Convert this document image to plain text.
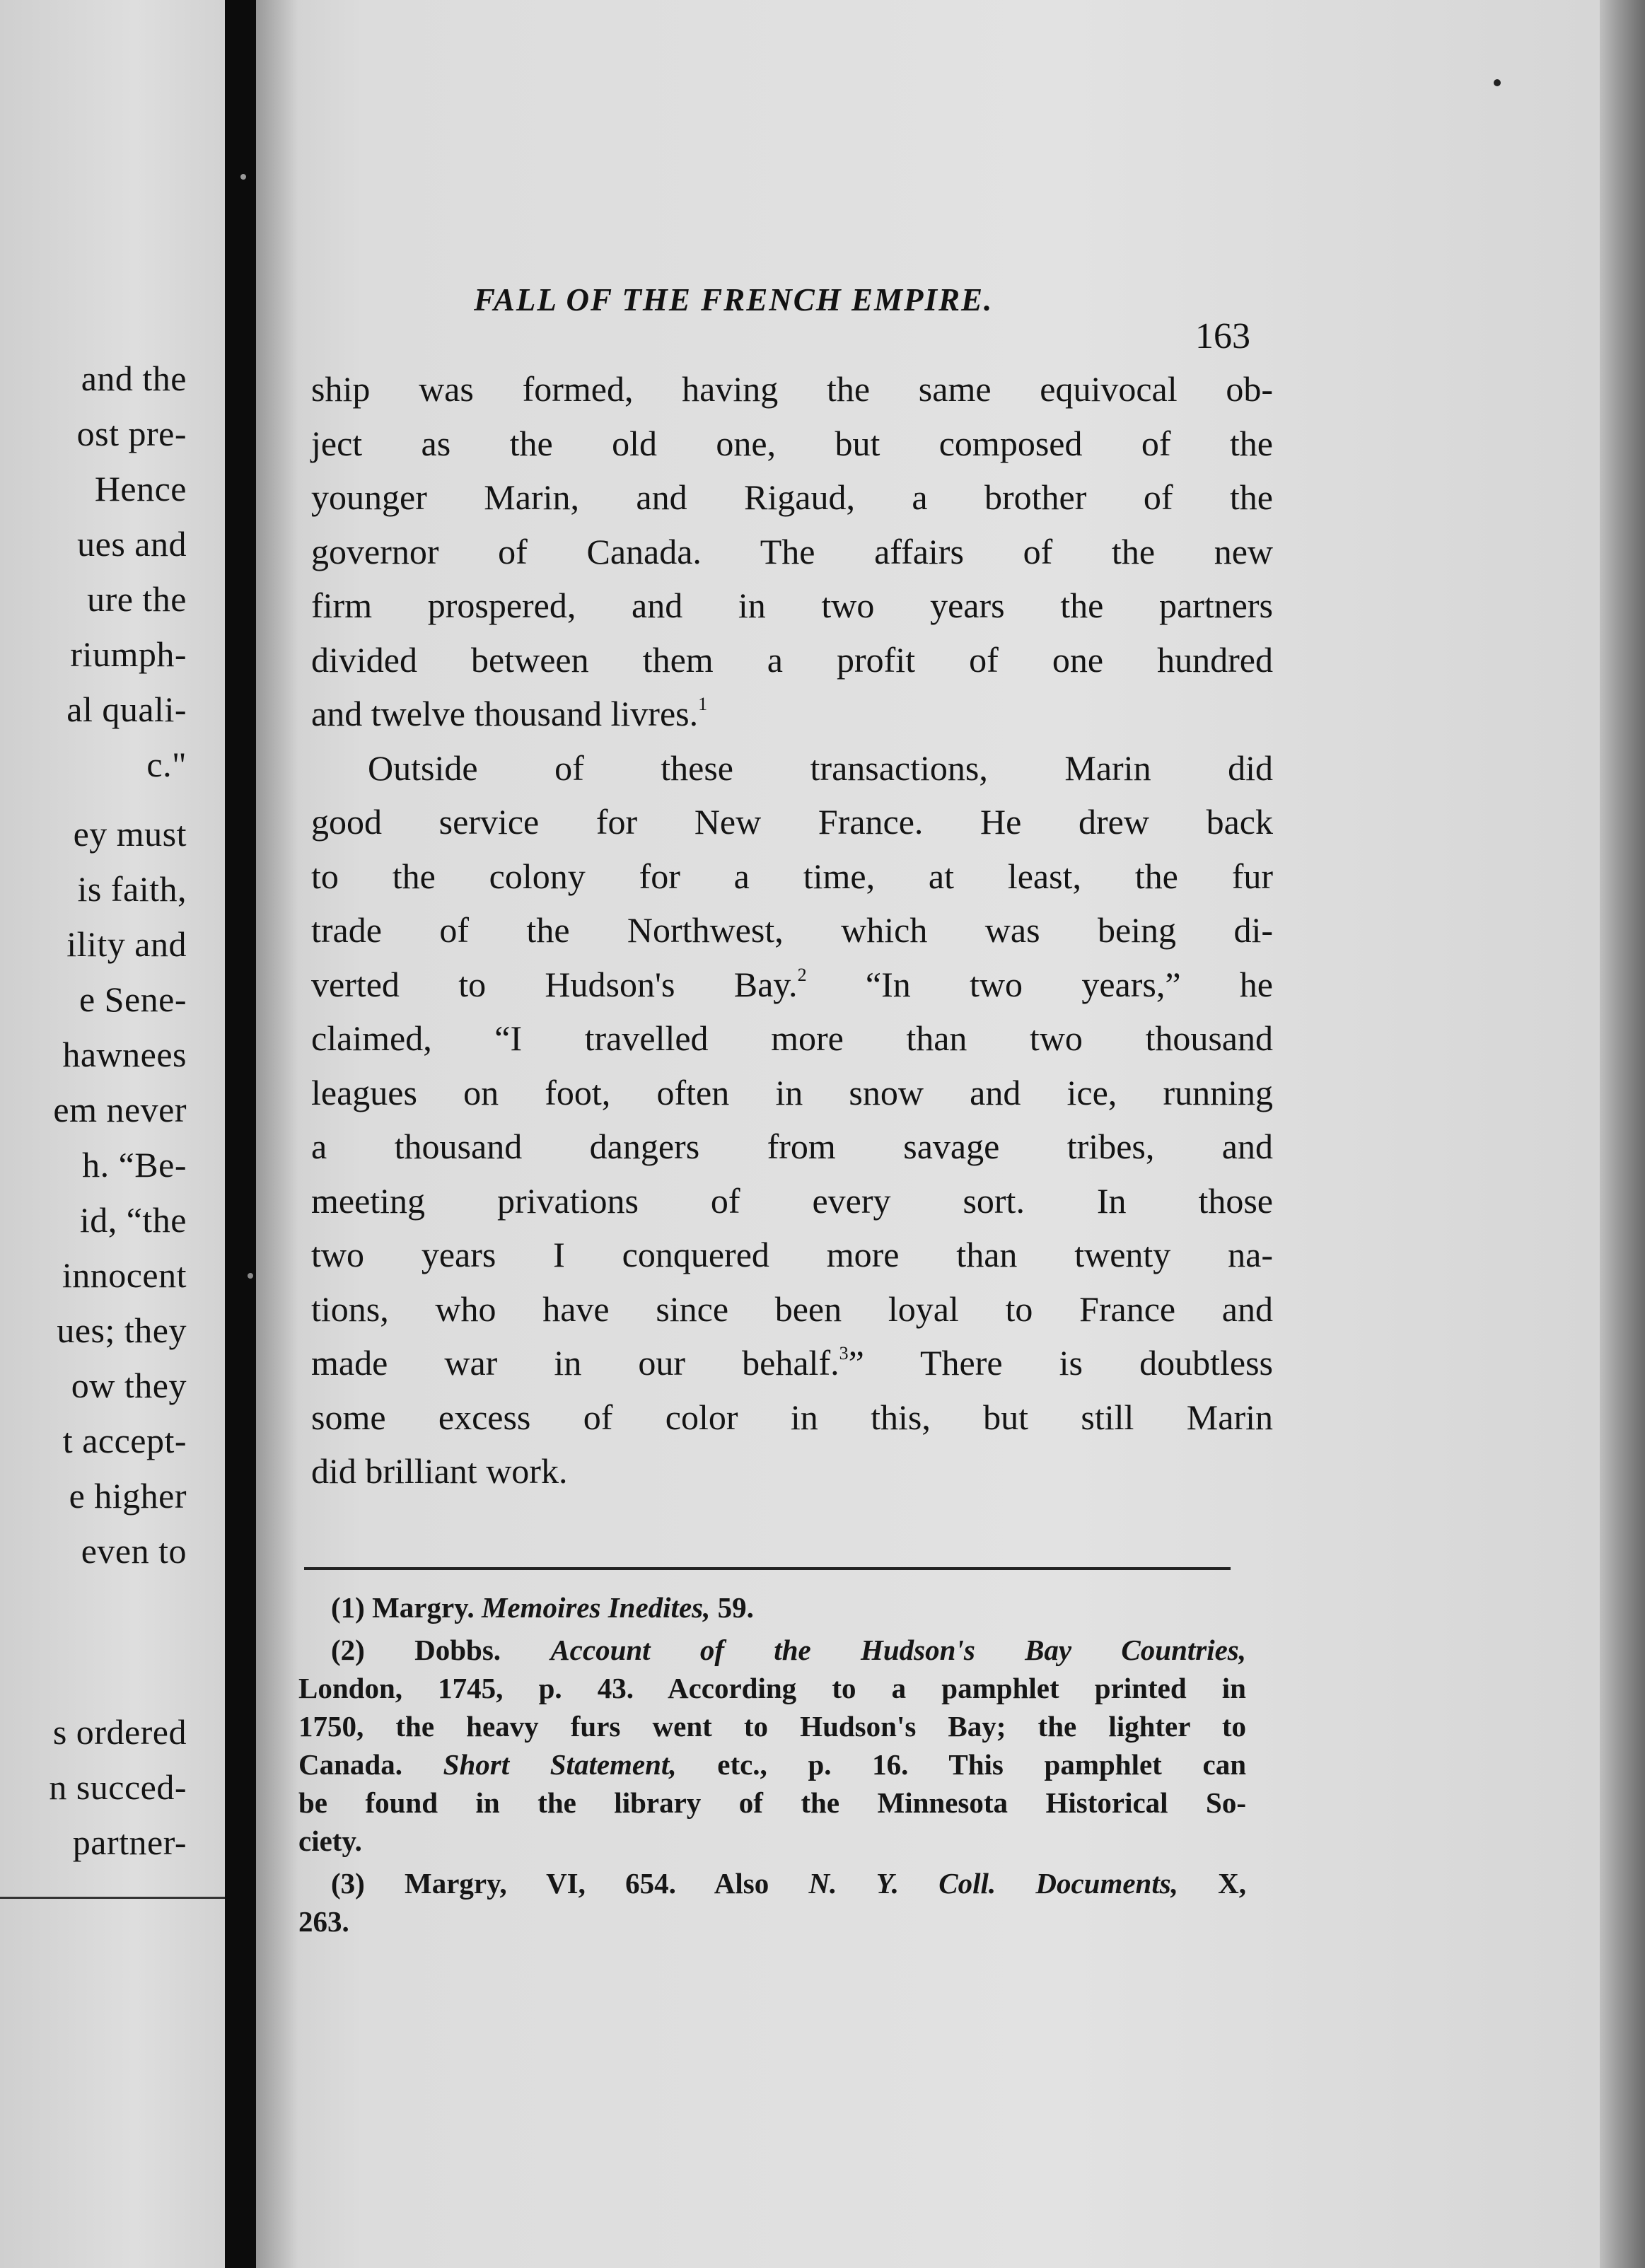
and the
ost pre-
Hence
ues and
ure the
riumph-
al quali-
c."
ey must
is faith,
ility and
e Sene-
hawnees
em never
h. “Be-
id, “the
innocent
ues; they
ow they
t accept-
e higher
even to
s ordered
n succed-
partner-
FALL OF THE FRENCH EMPIRE.
163

ship was formed, having the same equivocal ob-
ject as the old one, but composed of the
younger Marin, and Rigaud, a brother of the
governor of Canada. The affairs of the new
firm prospered, and in two years the partners
divided between them a profit of one hundred
and twelve thousand livres.$^1$

Outside of these transactions, Marin did
good service for New France. He drew back
to the colony for a time, at least, the fur
trade of the Northwest, which was being di-
verted to Hudson's Bay.$^2$ “In two years,” he
claimed, “I travelled more than two thousand
leagues on foot, often in snow and ice, running
a thousand dangers from savage tribes, and
meeting privations of every sort. In those
two years I conquered more than twenty na-
tions, who have since been loyal to France and
made war in our behalf.$^3$” There is doubtless
some excess of color in this, but still Marin
did brilliant work.

(1) Margry. Memoires Inedites, 59.
(2) Dobbs. Account of the Hudson's Bay Countries,
London, 1745, p. 43. According to a pamphlet printed in
1750, the heavy furs went to Hudson's Bay; the lighter to
Canada. Short Statement, etc., p. 16. This pamphlet can
be found in the library of the Minnesota Historical So-
ciety.
(3) Margry, VI, 654. Also N. Y. Coll. Documents, X,
263.
